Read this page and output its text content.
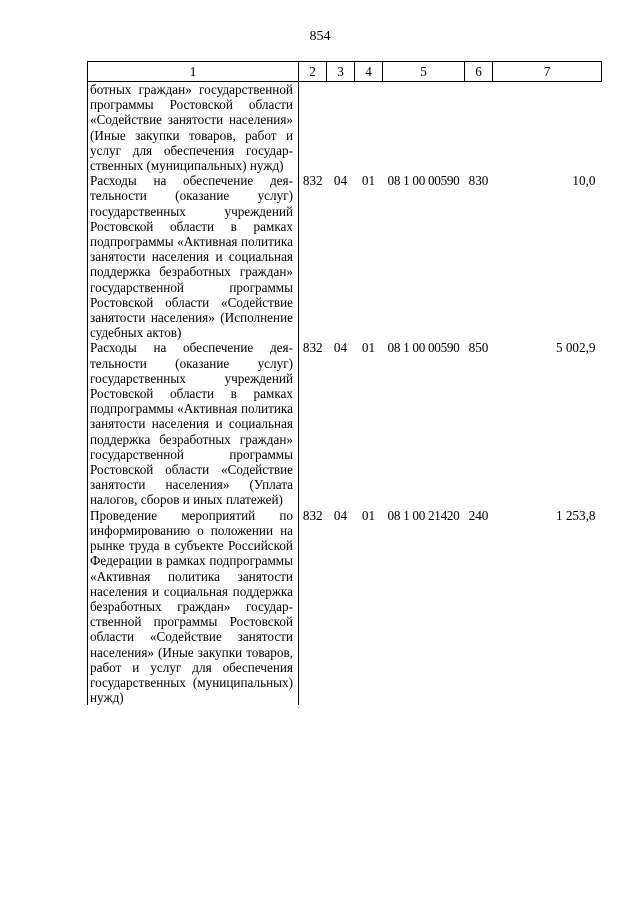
854
1	2	3	4	5	6	7
ботных граждан» государственной программы Ростовской области «Содействие занятости населения» (Иные закупки товаров, работ и услуг для обеспечения государственных (муниципальных) нужд)						
Расходы на обеспечение деятельности (оказание услуг) государственных учреждений Ростовской области в рамках подпрограммы «Активная политика занятости населения и социальная поддержка безработных граждан» государственной программы Ростовской области «Содействие занятости населения» (Исполнение судебных актов)	832	04	01	08 1 00 00590	830	10,0
Расходы на обеспечение деятельности (оказание услуг) государственных учреждений Ростовской области в рамках подпрограммы «Активная политика занятости населения и социальная поддержка безработных граждан» государственной программы Ростовской области «Содействие занятости населения» (Уплата налогов, сборов и иных платежей)	832	04	01	08 1 00 00590	850	5 002,9
Проведение мероприятий по информированию о положении на рынке труда в субъекте Российской Федерации в рамках подпрограммы «Активная политика занятости населения и социальная поддержка безработных граждан» государственной программы Ростовской области «Содействие занятости населения» (Иные закупки товаров, работ и услуг для обеспечения государственных (муниципальных) нужд)	832	04	01	08 1 00 21420	240	1 253,8
